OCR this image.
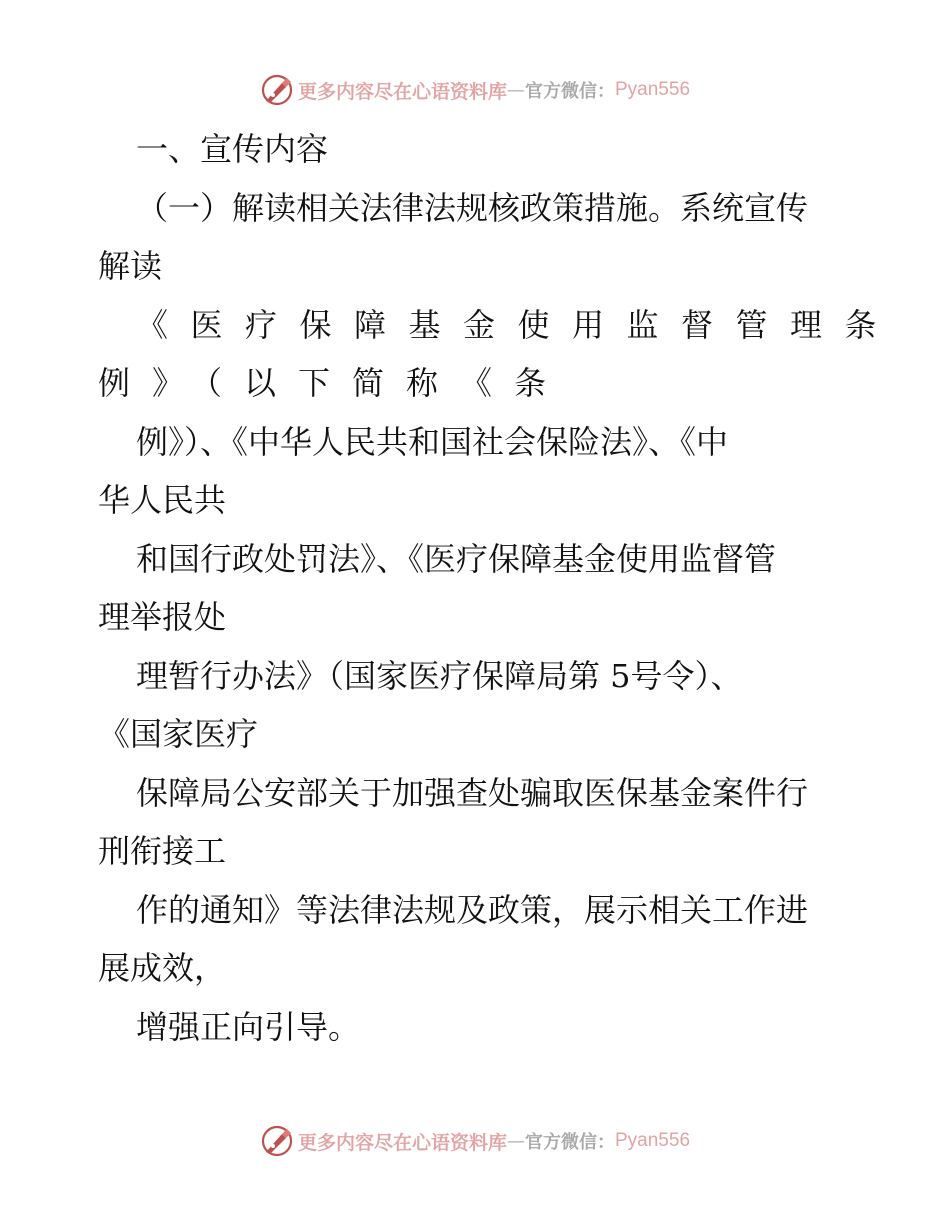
更多内容尽在心语资料库 — 官方微信： Pyan556
一、宣传内容
（一）解读相关法律法规核政策措施。系统宣传
解读
《医疗保障基金使用监督管理条
例》（以下简称《条
例》）、《中华人民共和国社会保险法》、《中
华人民共
和国行政处罚法》、《医疗保障基金使用监督管
理举报处
理暂行办法》（国家医疗保障局第 5号令）、
《国家医疗
保障局公安部关于加强查处骗取医保基金案件行
刑衔接工
作的通知》等法律法规及政策，展示相关工作进
展成效，
增强正向引导。
更多内容尽在心语资料库 — 官方微信： Pyan556
